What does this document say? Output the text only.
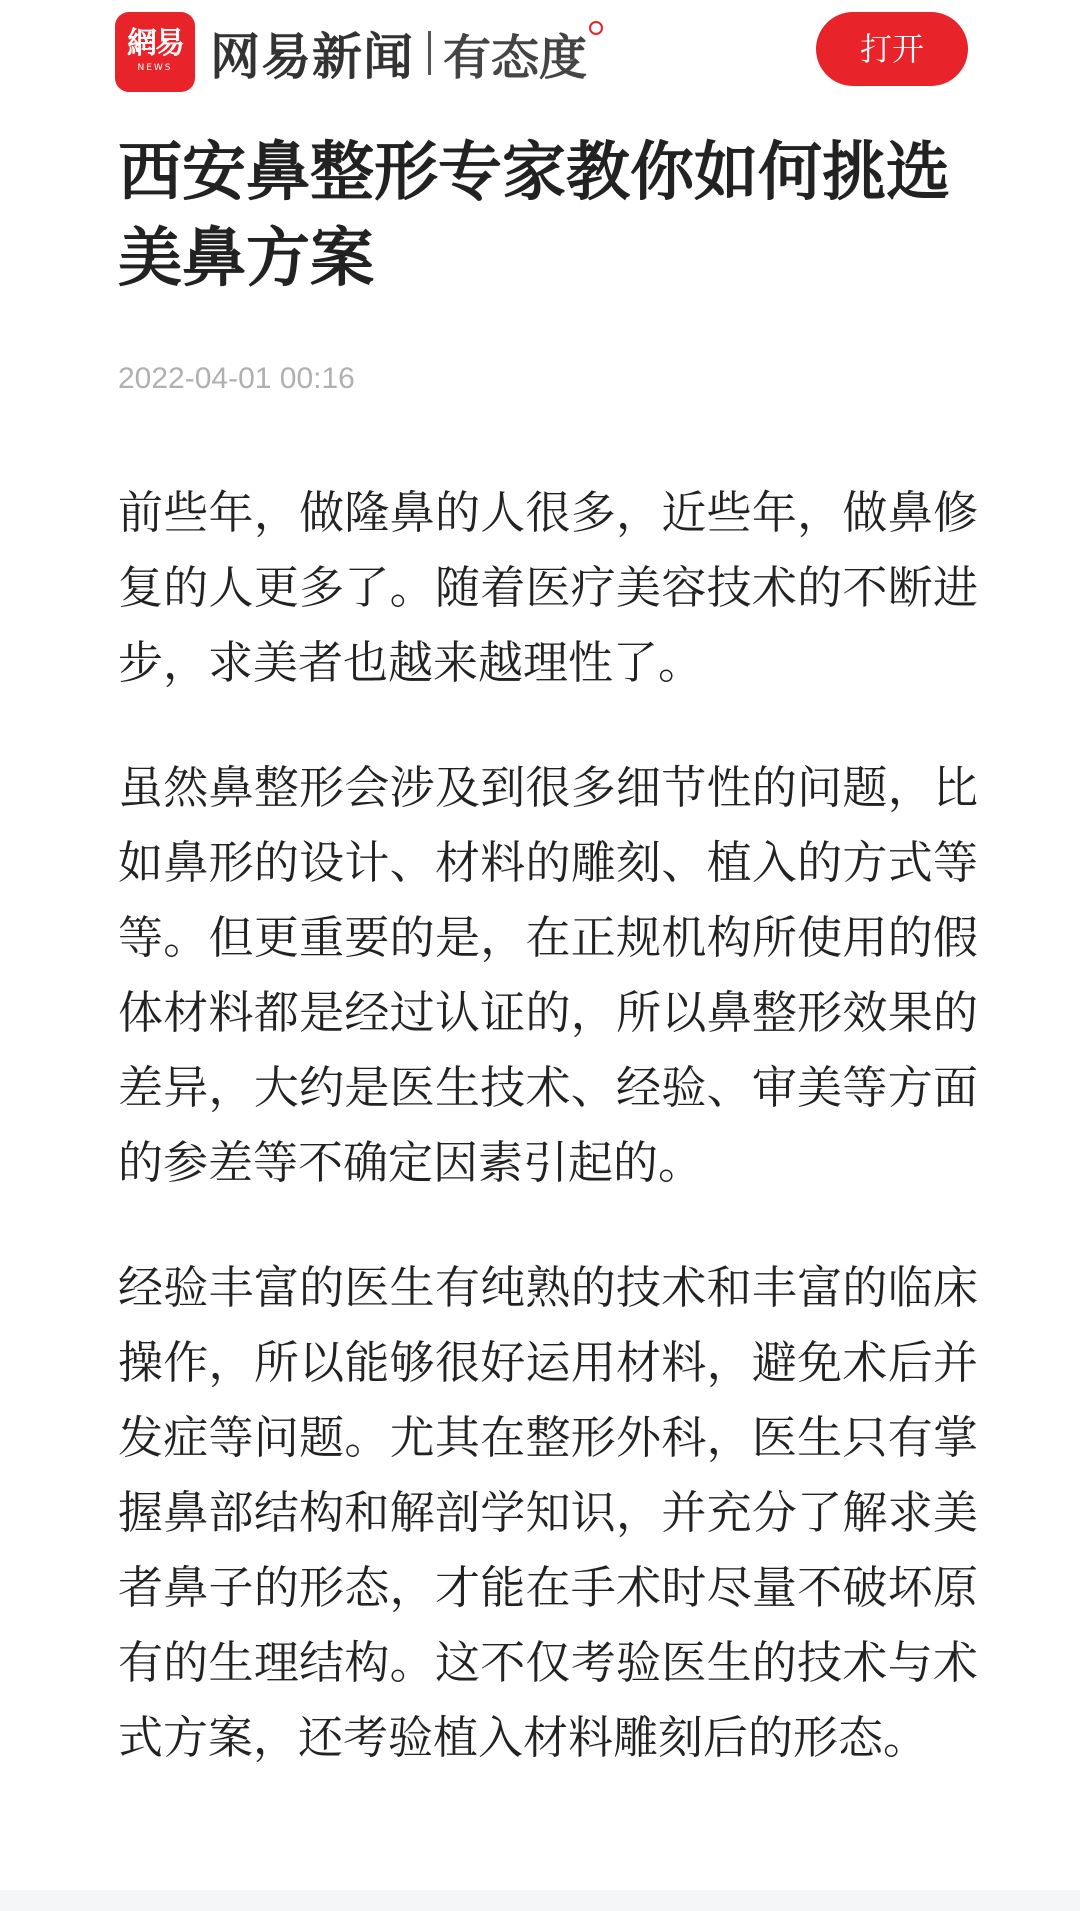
網易
NEWS 网易新闻 有态度	打开
西安鼻整形专家教你如何挑选美鼻方案
2022-04-01 00:16

前些年，做隆鼻的人很多，近些年，做鼻修复的人更多了。随着医疗美容技术的不断进步，求美者也越来越理性了。

虽然鼻整形会涉及到很多细节性的问题，比如鼻形的设计、材料的雕刻、植入的方式等等。但更重要的是，在正规机构所使用的假体材料都是经过认证的，所以鼻整形效果的差异，大约是医生技术、经验、审美等方面的参差等不确定因素引起的。

经验丰富的医生有纯熟的技术和丰富的临床操作，所以能够很好运用材料，避免术后并发症等问题。尤其在整形外科，医生只有掌握鼻部结构和解剖学知识，并充分了解求美者鼻子的形态，才能在手术时尽量不破坏原有的生理结构。这不仅考验医生的技术与术式方案，还考验植入材料雕刻后的形态。
